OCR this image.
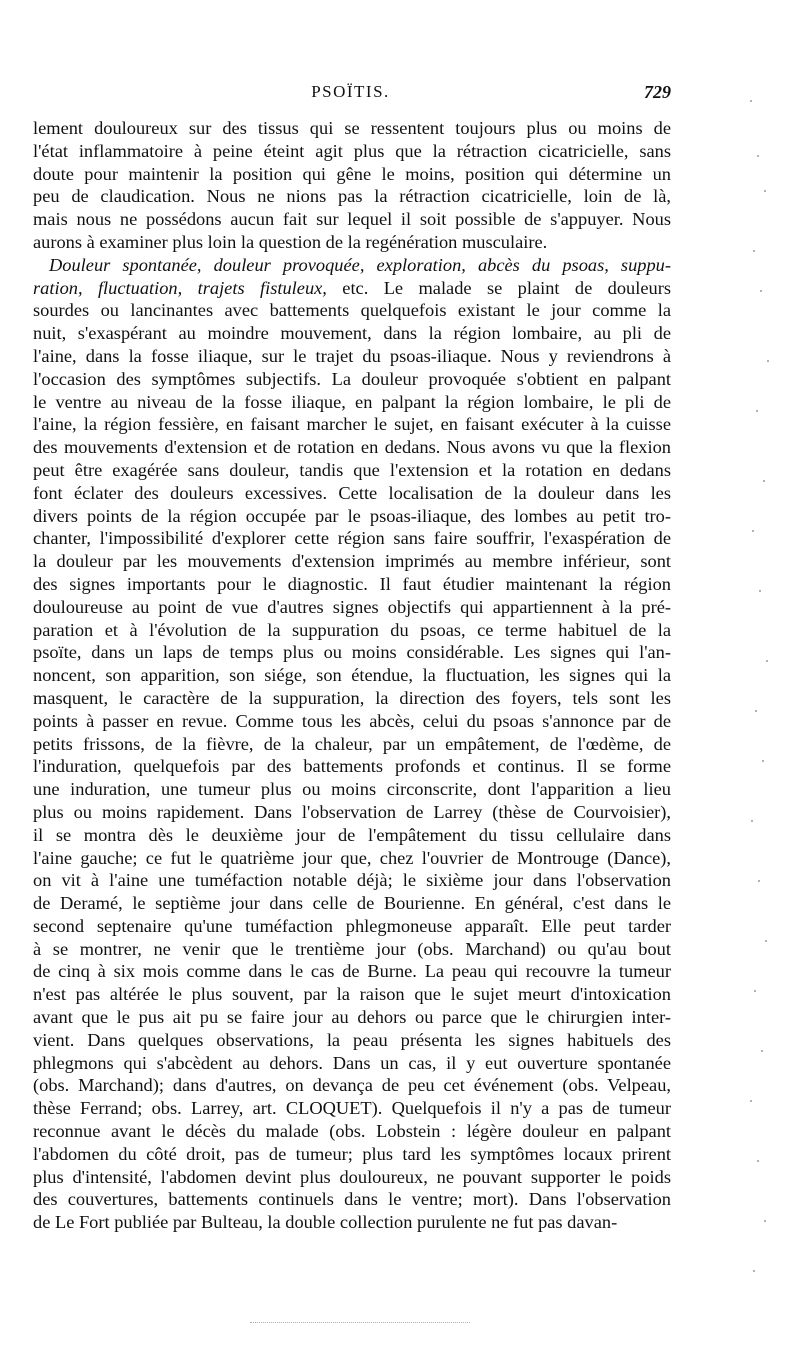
PSOÏTIS.	729
lement douloureux sur des tissus qui se ressentent toujours plus ou moins de
l'état inflammatoire à peine éteint agit plus que la rétraction cicatricielle, sans
doute pour maintenir la position qui gêne le moins, position qui détermine un
peu de claudication. Nous ne nions pas la rétraction cicatricielle, loin de là,
mais nous ne possédons aucun fait sur lequel il soit possible de s'appuyer. Nous
aurons à examiner plus loin la question de la regénération musculaire.
Douleur spontanée, douleur provoquée, exploration, abcès du psoas, suppu-
ration, fluctuation, trajets fistuleux, etc. Le malade se plaint de douleurs
sourdes ou lancinantes avec battements quelquefois existant le jour comme la
nuit, s'exaspérant au moindre mouvement, dans la région lombaire, au pli de
l'aine, dans la fosse iliaque, sur le trajet du psoas-iliaque. Nous y reviendrons à
l'occasion des symptômes subjectifs. La douleur provoquée s'obtient en palpant
le ventre au niveau de la fosse iliaque, en palpant la région lombaire, le pli de
l'aine, la région fessière, en faisant marcher le sujet, en faisant exécuter à la cuisse
des mouvements d'extension et de rotation en dedans. Nous avons vu que la flexion
peut être exagérée sans douleur, tandis que l'extension et la rotation en dedans
font éclater des douleurs excessives. Cette localisation de la douleur dans les
divers points de la région occupée par le psoas-iliaque, des lombes au petit tro-
chanter, l'impossibilité d'explorer cette région sans faire souffrir, l'exaspération de
la douleur par les mouvements d'extension imprimés au membre inférieur, sont
des signes importants pour le diagnostic. Il faut étudier maintenant la région
douloureuse au point de vue d'autres signes objectifs qui appartiennent à la pré-
paration et à l'évolution de la suppuration du psoas, ce terme habituel de la
psoïte, dans un laps de temps plus ou moins considérable. Les signes qui l'an-
noncent, son apparition, son siége, son étendue, la fluctuation, les signes qui la
masquent, le caractère de la suppuration, la direction des foyers, tels sont les
points à passer en revue. Comme tous les abcès, celui du psoas s'annonce par de
petits frissons, de la fièvre, de la chaleur, par un empâtement, de l'œdème, de
l'induration, quelquefois par des battements profonds et continus. Il se forme
une induration, une tumeur plus ou moins circonscrite, dont l'apparition a lieu
plus ou moins rapidement. Dans l'observation de Larrey (thèse de Courvoisier),
il se montra dès le deuxième jour de l'empâtement du tissu cellulaire dans
l'aine gauche; ce fut le quatrième jour que, chez l'ouvrier de Montrouge (Dance),
on vit à l'aine une tuméfaction notable déjà; le sixième jour dans l'observation
de Deramé, le septième jour dans celle de Bourienne. En général, c'est dans le
second septenaire qu'une tuméfaction phlegmoneuse apparaît. Elle peut tarder
à se montrer, ne venir que le trentième jour (obs. Marchand) ou qu'au bout
de cinq à six mois comme dans le cas de Burne. La peau qui recouvre la tumeur
n'est pas altérée le plus souvent, par la raison que le sujet meurt d'intoxication
avant que le pus ait pu se faire jour au dehors ou parce que le chirurgien inter-
vient. Dans quelques observations, la peau présenta les signes habituels des
phlegmons qui s'abcèdent au dehors. Dans un cas, il y eut ouverture spontanée
(obs. Marchand); dans d'autres, on devança de peu cet événement (obs. Velpeau,
thèse Ferrand; obs. Larrey, art. CLOQUET). Quelquefois il n'y a pas de tumeur
reconnue avant le décès du malade (obs. Lobstein : légère douleur en palpant
l'abdomen du côté droit, pas de tumeur; plus tard les symptômes locaux prirent
plus d'intensité, l'abdomen devint plus douloureux, ne pouvant supporter le poids
des couvertures, battements continuels dans le ventre; mort). Dans l'observation
de Le Fort publiée par Bulteau, la double collection purulente ne fut pas davan-
